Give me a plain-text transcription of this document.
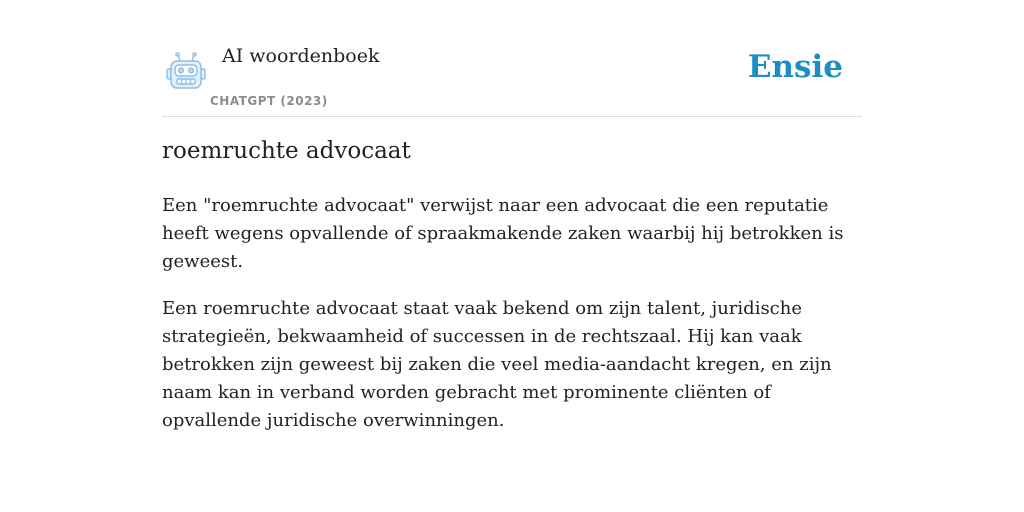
AI woordenboek
CHATGPT (2023)
Ensie
roemruchte advocaat

Een "roemruchte advocaat" verwijst naar een advocaat die een reputatie heeft wegens opvallende of spraakmakende zaken waarbij hij betrokken is geweest.

Een roemruchte advocaat staat vaak bekend om zijn talent, juridische strategieën, bekwaamheid of successen in de rechtszaal. Hij kan vaak betrokken zijn geweest bij zaken die veel media-aandacht kregen, en zijn naam kan in verband worden gebracht met prominente cliënten of opvallende juridische overwinningen.
